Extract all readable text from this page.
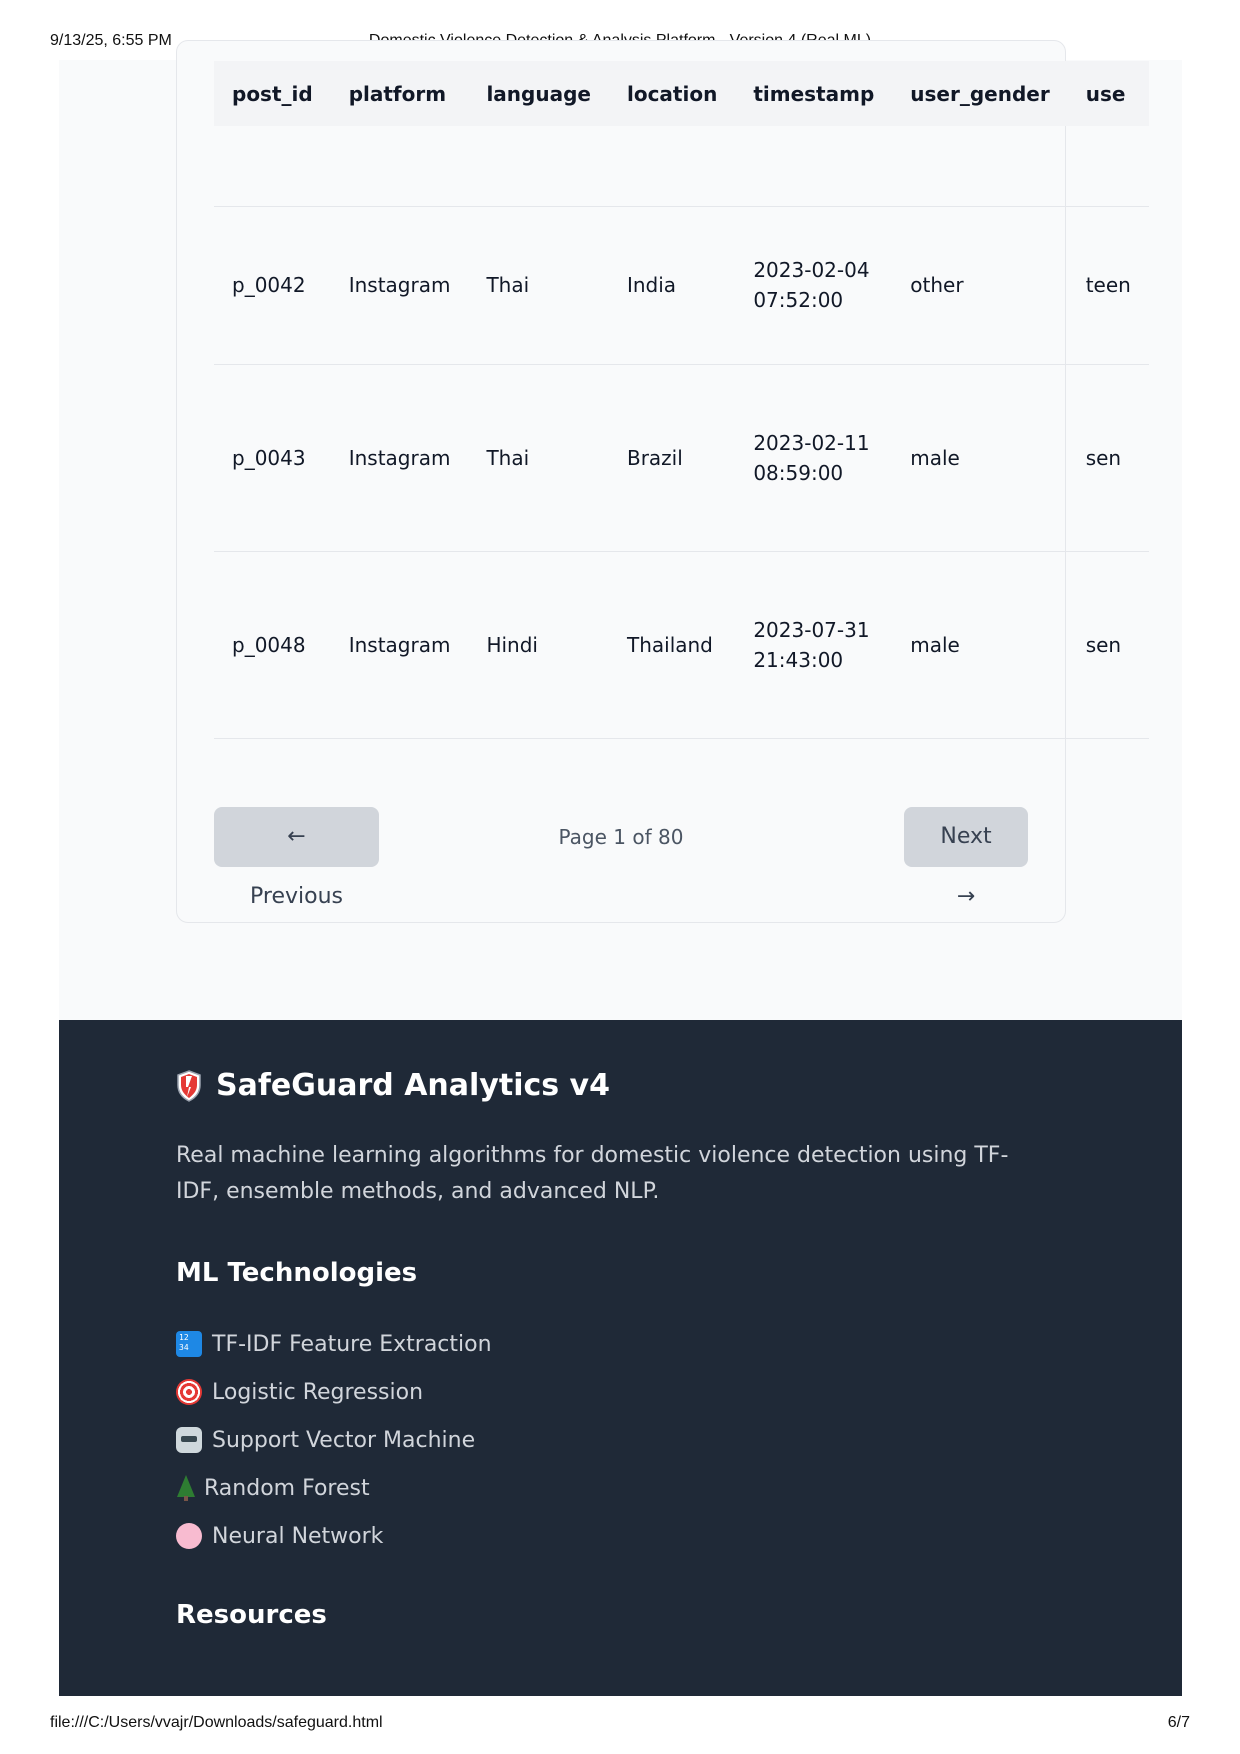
9/13/25, 6:55 PM
post_id	platform	language	location	timestamp	user_gender	use

p_0042	Instagram	Thai	India	2023-02-04 07:52:00	other	teen
p_0043	Instagram	Thai	Brazil	2023-02-11 08:59:00	male	sen
p_0048	Instagram	Hindi	Thailand	2023-07-31 21:43:00	male	sen
← Previous
Page 1 of 80	Next →
SafeGuard Analytics v4

Real machine learning algorithms for domestic violence detection using TF-IDF, ensemble methods, and advanced NLP.

ML Technologies
12 34
TF-IDF Feature Extraction
Logistic Regression
Support Vector Machine
Random Forest
Neural Network
Resources
file:///C:/Users/vvajr/Downloads/safeguard.html	6/7
